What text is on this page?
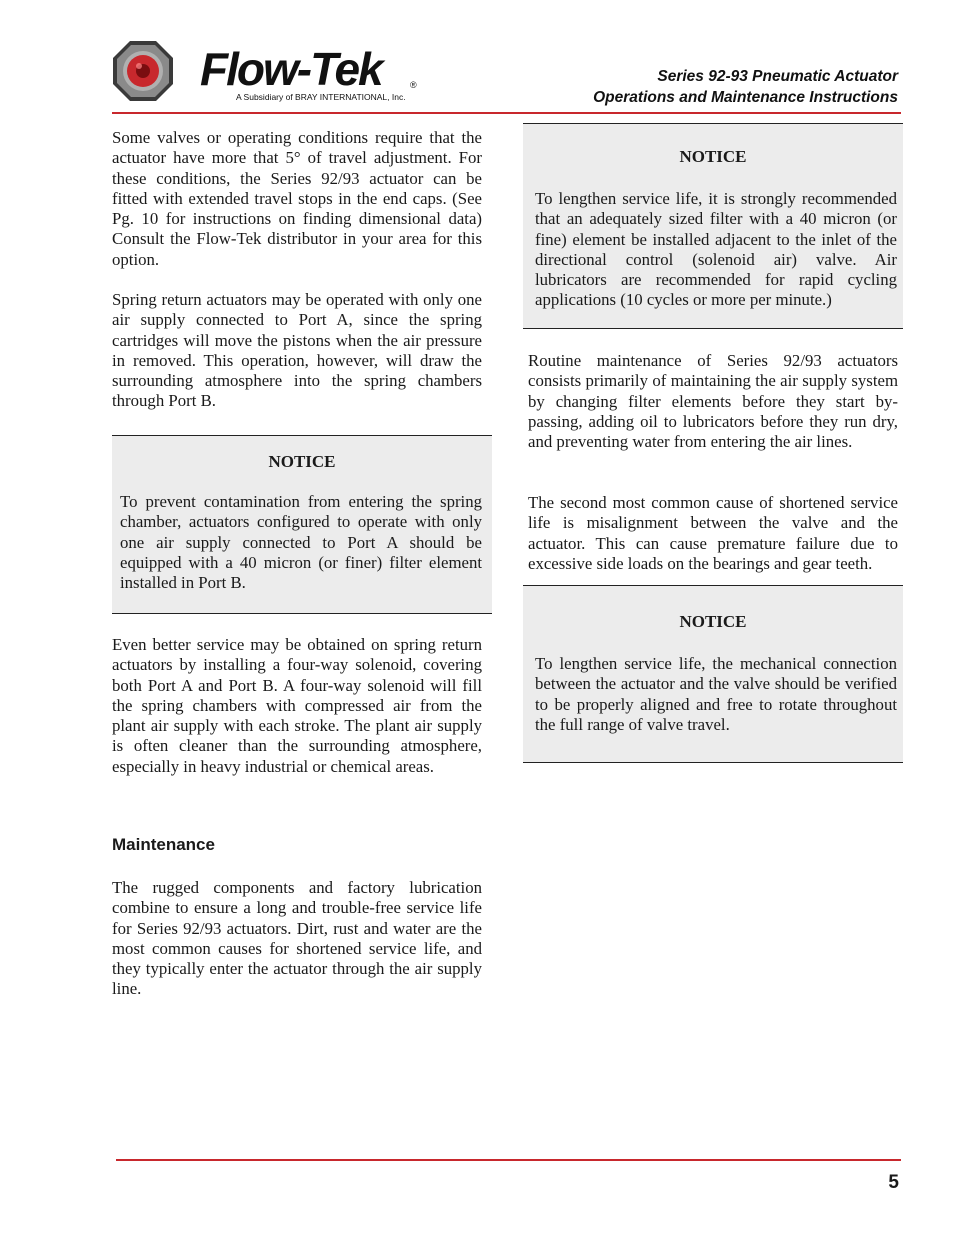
Flow-Tek	®
A Subsidiary of BRAY INTERNATIONAL, Inc.
Series 92-93 Pneumatic Actuator
Operations and Maintenance Instructions

Some valves or operating conditions require that the actuator have more that 5° of travel adjustment. For these conditions, the Series 92/93 actuator can be fitted with extended travel stops in the end caps. (See Pg. 10 for instructions on finding dimensional data) Consult the Flow-Tek distributor in your area for this option.

Spring return actuators may be operated with only one air supply connected to Port A, since the spring cartridges will move the pistons when the air pressure in removed. This operation, however, will draw the surrounding atmosphere into the spring chambers through Port B.

NOTICE

To prevent contamination from entering the spring chamber, actuators configured to operate with only one air supply connected to Port A should be equipped with a 40 micron (or finer) filter element installed in Port B.

Even better service may be obtained on spring return actuators by installing a four-way solenoid, covering both Port A and Port B. A four-way solenoid will fill the spring chambers with compressed air from the plant air supply with each stroke. The plant air supply is often cleaner than the surrounding atmosphere, especially in heavy industrial or chemical areas.

Maintenance

The rugged components and factory lubrication combine to ensure a long and trouble-free service life for Series 92/93 actuators. Dirt, rust and water are the most common causes for shortened service life, and they typically enter the actuator through the air supply line.

NOTICE

To lengthen service life, it is strongly recommended that an adequately sized filter with a 40 micron (or fine) element be installed adjacent to the inlet of the directional control (solenoid air) valve. Air lubricators are recommended for rapid cycling applications (10 cycles or more per minute.)

Routine maintenance of Series 92/93 actuators consists primarily of maintaining the air supply system by changing filter elements before they start by-passing, adding oil to lubricators before they run dry, and preventing water from entering the air lines.

The second most common cause of shortened service life is misalignment between the valve and the actuator. This can cause premature failure due to excessive side loads on the bearings and gear teeth.

NOTICE

To lengthen service life, the mechanical connection between the actuator and the valve should be verified to be properly aligned and free to rotate throughout the full range of valve travel.

5
